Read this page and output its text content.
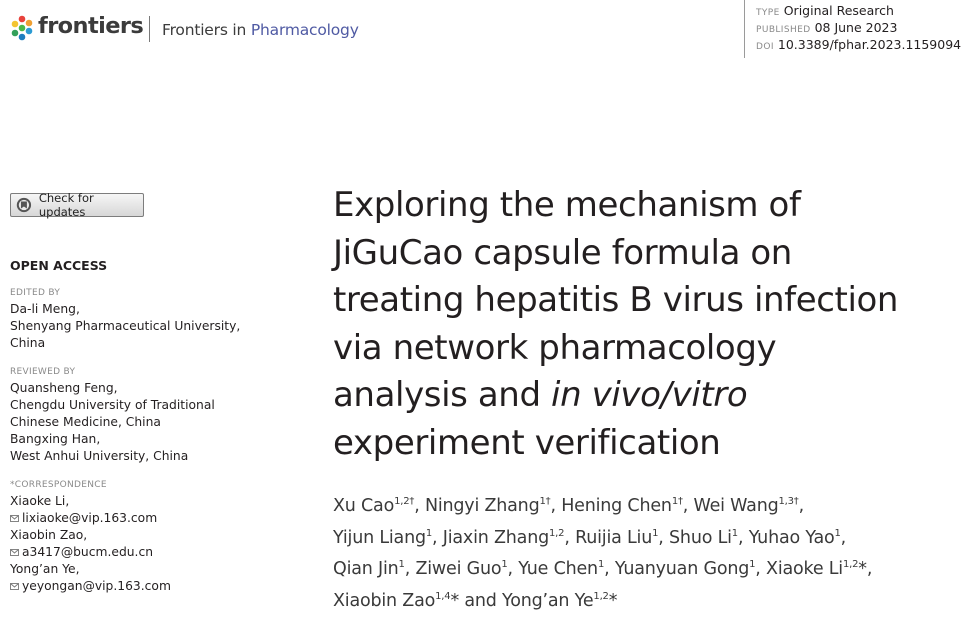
frontiers Frontiers in Pharmacology
TYPE Original Research
PUBLISHED 08 June 2023
DOI 10.3389/fphar.2023.1159094
Check for updates
OPEN ACCESS
EDITED BY
Da-li Meng,
Shenyang Pharmaceutical University,
China
REVIEWED BY
Quansheng Feng,
Chengdu University of Traditional
Chinese Medicine, China
Bangxing Han,
West Anhui University, China
*CORRESPONDENCE
Xiaoke Li,
lixiaoke@vip.163.com
Xiaobin Zao,
a3417@bucm.edu.cn
Yong’an Ye,
yeyongan@vip.163.com
Exploring the mechanism of
JiGuCao capsule formula on
treating hepatitis B virus infection
via network pharmacology
analysis and in vivo/vitro
experiment verification
Xu Cao$^{1,2\dagger}$, Ningyi Zhang$^{1\dagger}$, Hening Chen$^{1\dagger}$, Wei Wang$^{1,3\dagger}$,
Yijun Liang$^1$, Jiaxin Zhang$^{1,2}$, Ruijia Liu$^1$, Shuo Li$^1$, Yuhao Yao$^1$,
Qian Jin$^1$, Ziwei Guo$^1$, Yue Chen$^1$, Yuanyuan Gong$^1$, Xiaoke Li$^{1,2}$*,
Xiaobin Zao$^{1,4}$* and Yong’an Ye$^{1,2}$*
